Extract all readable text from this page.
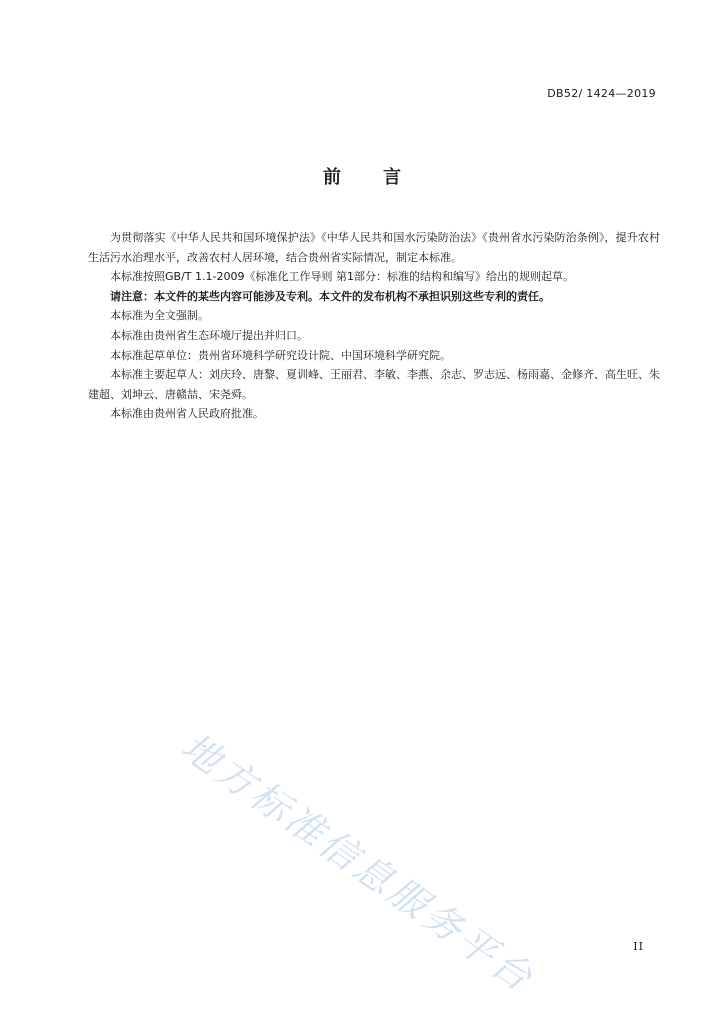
DB52/ 1424—2019
前 言

为贯彻落实《中华人民共和国环境保护法》《中华人民共和国水污染防治法》《贵州省水污染防治条例》，提升农村生活污水治理水平，改善农村人居环境，结合贵州省实际情况，制定本标准。

本标准按照GB/T 1.1-2009《标准化工作导则 第1部分：标准的结构和编写》给出的规则起草。

请注意：本文件的某些内容可能涉及专利。本文件的发布机构不承担识别这些专利的责任。

本标准为全文强制。

本标准由贵州省生态环境厅提出并归口。

本标准起草单位：贵州省环境科学研究设计院、中国环境科学研究院。

本标准主要起草人：刘庆玲、唐黎、夏训峰、王丽君、李敏、李燕、余志、罗志远、杨雨嘉、金修齐、高生旺、朱建超、刘坤云、唐赣喆、宋尧舜。

本标准由贵州省人民政府批准。

地方标准信息服务平台	II
